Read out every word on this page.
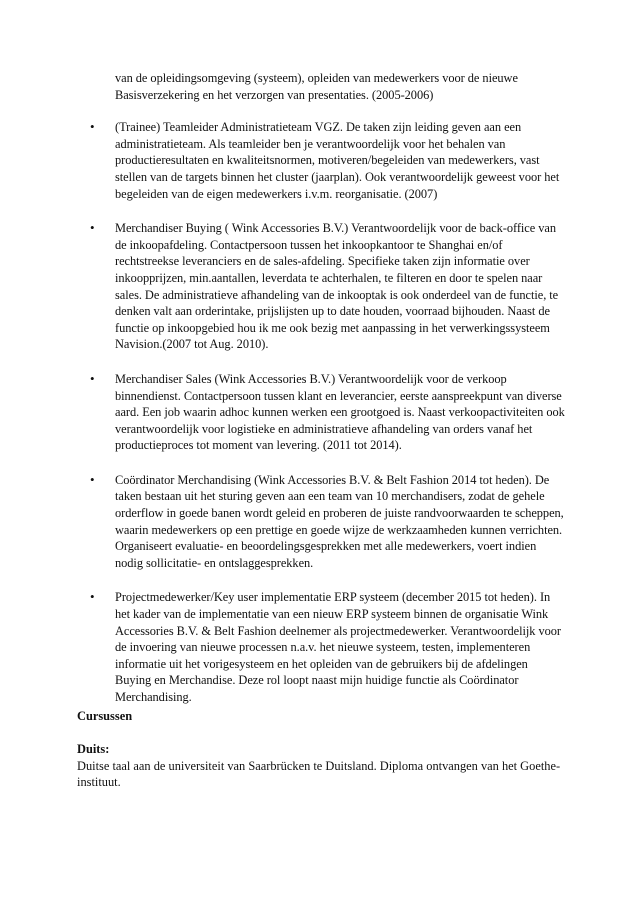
van de opleidingsomgeving (systeem), opleiden van medewerkers voor de nieuwe Basisverzekering en het verzorgen van presentaties. (2005-2006)
• (Trainee) Teamleider Administratieteam VGZ. De taken zijn leiding geven aan een administratieteam. Als teamleider ben je verantwoordelijk voor het behalen van productieresultaten en kwaliteitsnormen, motiveren/begeleiden van medewerkers, vast stellen van de targets binnen het cluster (jaarplan). Ook verantwoordelijk geweest voor het begeleiden van de eigen medewerkers i.v.m. reorganisatie. (2007)
• Merchandiser Buying ( Wink Accessories B.V.) Verantwoordelijk voor de back-office van de inkoopafdeling. Contactpersoon tussen het inkoopkantoor te Shanghai en/of rechtstreekse leveranciers en de sales-afdeling. Specifieke taken zijn informatie over inkoopprijzen, min.aantallen, leverdata te achterhalen, te filteren en door te spelen naar sales. De administratieve afhandeling van de inkooptak is ook onderdeel van de functie, te denken valt aan orderintake, prijslijsten up to date houden, voorraad bijhouden. Naast de functie op inkoopgebied hou ik me ook bezig met aanpassing in het verwerkingssysteem Navision.(2007 tot Aug. 2010).
• Merchandiser Sales (Wink Accessories B.V.) Verantwoordelijk voor de verkoop binnendienst. Contactpersoon tussen klant en leverancier, eerste aanspreekpunt van diverse aard. Een job waarin adhoc kunnen werken een grootgoed is. Naast verkoopactiviteiten ook verantwoordelijk voor logistieke en administratieve afhandeling van orders vanaf het productieproces tot moment van levering. (2011 tot 2014).
• Coördinator Merchandising (Wink Accessories B.V. & Belt Fashion 2014 tot heden). De taken bestaan uit het sturing geven aan een team van 10 merchandisers, zodat de gehele orderflow in goede banen wordt geleid en proberen de juiste randvoorwaarden te scheppen, waarin medewerkers op een prettige en goede wijze de werkzaamheden kunnen verrichten. Organiseert evaluatie- en beoordelingsgesprekken met alle medewerkers, voert indien nodig sollicitatie- en ontslaggesprekken.
• Projectmedewerker/Key user implementatie ERP systeem (december 2015 tot heden). In het kader van de implementatie van een nieuw ERP systeem binnen de organisatie Wink Accessories B.V. & Belt Fashion deelnemer als projectmedewerker. Verantwoordelijk voor de invoering van nieuwe processen n.a.v. het nieuwe systeem, testen, implementeren informatie uit het vorigesysteem en het opleiden van de gebruikers bij de afdelingen Buying en Merchandise. Deze rol loopt naast mijn huidige functie als Coördinator Merchandising.
Cursussen
Duits:
Duitse taal aan de universiteit van Saarbrücken te Duitsland. Diploma ontvangen van het Goethe-instituut.
